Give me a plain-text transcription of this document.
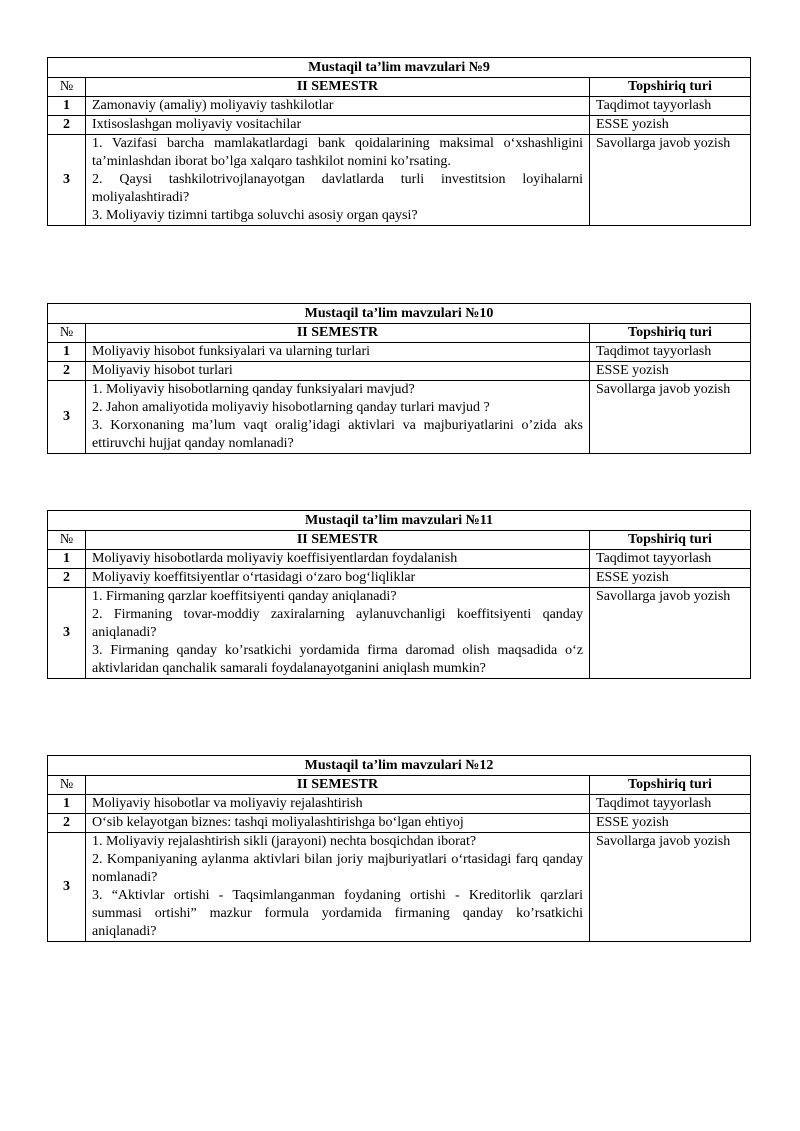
Mustaqil ta’lim mavzulari №9		
№	II SEMESTR	Topshiriq turi
1	Zamonaviy (amaliy) moliyaviy tashkilotlar	Taqdimot tayyorlash
2	Ixtisoslashgan moliyaviy vositachilar	ESSE yozish
3	1. Vazifasi barcha mamlakatlardagi bank qoidalarining maksimal o‘xshashligini ta’minlashdan iborat bo’lga xalqaro tashkilot nomini ko’rsating.

2. Qaysi tashkilotrivojlanayotgan davlatlarda turli investitsion loyihalarni moliyalashtiradi?

3. Moliyaviy tizimni tartibga soluvchi asosiy organ qaysi?	Savollarga javob yozish
Mustaqil ta’lim mavzulari №10		
№	II SEMESTR	Topshiriq turi
1	Moliyaviy hisobot funksiyalari va ularning turlari	Taqdimot tayyorlash
2	Moliyaviy hisobot turlari	ESSE yozish
3	1. Moliyaviy hisobotlarning qanday funksiyalari mavjud?

2. Jahon amaliyotida moliyaviy hisobotlarning qanday turlari mavjud ?

3. Korxonaning ma’lum vaqt oralig’idagi aktivlari va majburiyatlarini o’zida aks ettiruvchi hujjat qanday nomlanadi?	Savollarga javob yozish
Mustaqil ta’lim mavzulari №11		
№	II SEMESTR	Topshiriq turi
1	Moliyaviy hisobotlarda moliyaviy koeffisiyentlardan foydalanish	Taqdimot tayyorlash
2	Moliyaviy koeffitsiyentlar o‘rtasidagi o‘zaro bog‘liqliklar	ESSE yozish
3	1. Firmaning qarzlar koeffitsiyenti qanday aniqlanadi?

2. Firmaning tovar-moddiy zaxiralarning aylanuvchanligi koeffitsiyenti qanday aniqlanadi?

3. Firmaning qanday ko’rsatkichi yordamida firma daromad olish maqsadida o‘z aktivlaridan qanchalik samarali foydalanayotganini aniqlash mumkin?	Savollarga javob yozish
Mustaqil ta’lim mavzulari №12		
№	II SEMESTR	Topshiriq turi
1	Moliyaviy hisobotlar va moliyaviy rejalashtirish	Taqdimot tayyorlash
2	O‘sib kelayotgan biznes: tashqi moliyalashtirishga bo‘lgan ehtiyoj	ESSE yozish
3	1. Moliyaviy rejalashtirish sikli (jarayoni) nechta bosqichdan iborat?

2. Kompaniyaning aylanma aktivlari bilan joriy majburiyatlari o‘rtasidagi farq qanday nomlanadi?

3. “Aktivlar ortishi - Taqsimlanganman foydaning ortishi - Kreditorlik qarzlari summasi ortishi” mazkur formula yordamida firmaning qanday ko’rsatkichi aniqlanadi?	Savollarga javob yozish
